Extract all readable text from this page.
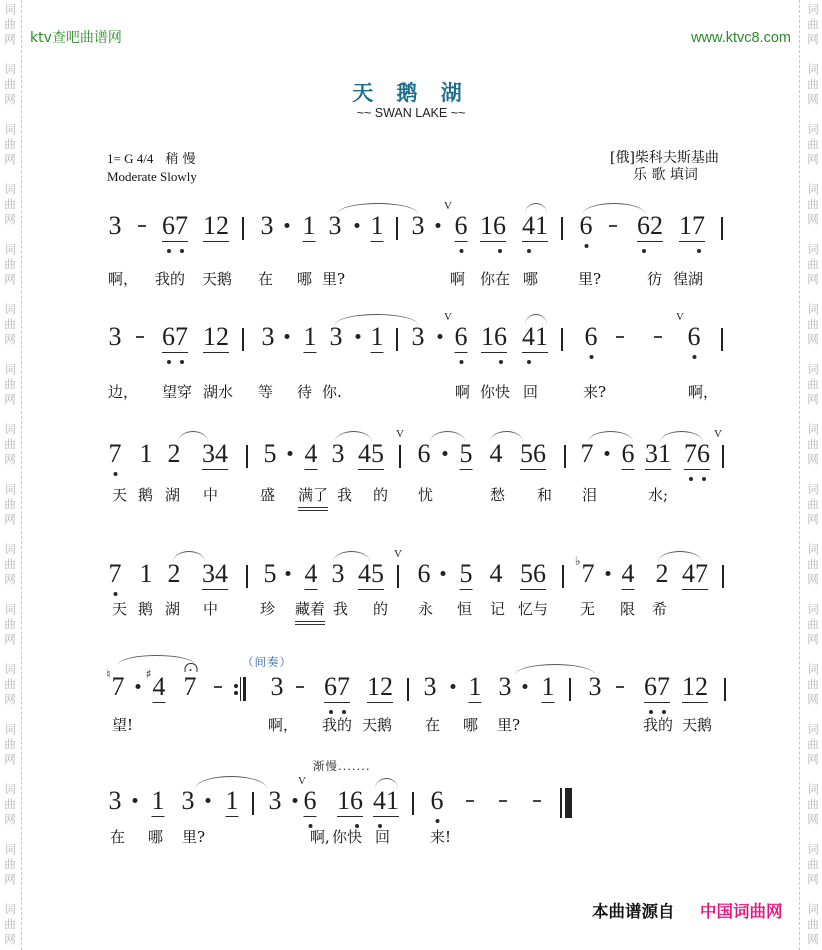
词
曲
网
词
曲
网
词
曲
网
词
曲
网
词
曲
网
词
曲
网
词
曲
网
词
曲
网
词
曲
网
词
曲
网
词
曲
网
词
曲
网
词
曲
网
词
曲
网
词
曲
网
词
曲
网
词
曲
网
词
曲
网
词
曲
网
词
曲
网
词
曲
网
词
曲
网
词
曲
网
词
曲
网
词
曲
网
词
曲
网
词
曲
网
词
曲
网
词
曲
网
词
曲
网
词
曲
网
词
曲
网
ktv查吧曲谱网	www.ktvc8.com
天 鹅 湖
~~ SWAN LAKE ~~
1= G 4/4 稍 慢
Moderate Slowly
[俄]柴科夫斯基曲
乐 歌 填词
3 67 12 3 1 3 1 3
V
6 16 41 6 62 17
啊， 我的 天鹅 在 哪 里?	啊 你在 哪	里?	彷 徨湖
3 67 12 3 1 3 1 3
V
6 16 41 6
V
6
边， 望穿 湖水 等 待 你.	啊 你快 回	来?	啊，
7 1 2 34 5 4 3 45
V
6 5 4 56 7 6 31 76
V
天 鹅 湖 中	盛 满了 我 的 忧	愁 和 泪	水;
7 1 2 34 5 4 3 45
V
6 5 4 56 ♭ 7 4 2 47
天 鹅 湖 中	珍 藏着 我 的 永 恒 记 忆与 无 限 希
♮ 7 ♯ 4 7	3 67 12 3 1 3 1 3 67 12
（间奏）
望!	啊， 我的 天鹅 在 哪 里?	我的 天鹅
3 1 3 1 3
V
6 16 41 6
渐慢.......
在 哪 里?	啊, 你快 回	来!
本曲谱源自 中国词曲网
